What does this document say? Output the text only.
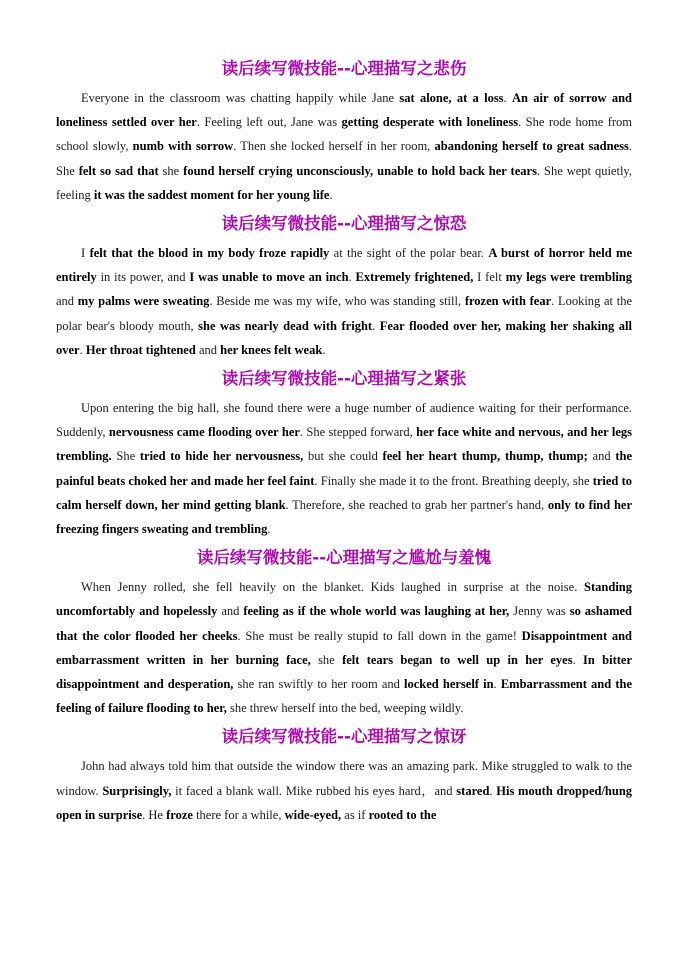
读后续写微技能--心理描写之悲伤

Everyone in the classroom was chatting happily while Jane sat alone, at a loss. An air of sorrow and loneliness settled over her. Feeling left out, Jane was getting desperate with loneliness. She rode home from school slowly, numb with sorrow. Then she locked herself in her room, abandoning herself to great sadness. She felt so sad that she found herself crying unconsciously, unable to hold back her tears. She wept quietly, feeling it was the saddest moment for her young life.

读后续写微技能--心理描写之惊恐

I felt that the blood in my body froze rapidly at the sight of the polar bear. A burst of horror held me entirely in its power, and I was unable to move an inch. Extremely frightened, I felt my legs were trembling and my palms were sweating. Beside me was my wife, who was standing still, frozen with fear. Looking at the polar bear's bloody mouth, she was nearly dead with fright. Fear flooded over her, making her shaking all over. Her throat tightened and her knees felt weak.

读后续写微技能--心理描写之紧张

Upon entering the big hall, she found there were a huge number of audience waiting for their performance. Suddenly, nervousness came flooding over her. She stepped forward, her face white and nervous, and her legs trembling. She tried to hide her nervousness, but she could feel her heart thump, thump, thump; and the painful beats choked her and made her feel faint. Finally she made it to the front. Breathing deeply, she tried to calm herself down, her mind getting blank. Therefore, she reached to grab her partner's hand, only to find her freezing fingers sweating and trembling.

读后续写微技能--心理描写之尴尬与羞愧

When Jenny rolled, she fell heavily on the blanket. Kids laughed in surprise at the noise. Standing uncomfortably and hopelessly and feeling as if the whole world was laughing at her, Jenny was so ashamed that the color flooded her cheeks. She must be really stupid to fall down in the game! Disappointment and embarrassment written in her burning face, she felt tears began to well up in her eyes. In bitter disappointment and desperation, she ran swiftly to her room and locked herself in. Embarrassment and the feeling of failure flooding to her, she threw herself into the bed, weeping wildly.

读后续写微技能--心理描写之惊讶

John had always told him that outside the window there was an amazing park. Mike struggled to walk to the window. Surprisingly, it faced a blank wall. Mike rubbed his eyes hard，and stared. His mouth dropped/hung open in surprise. He froze there for a while, wide-eyed, as if rooted to the
